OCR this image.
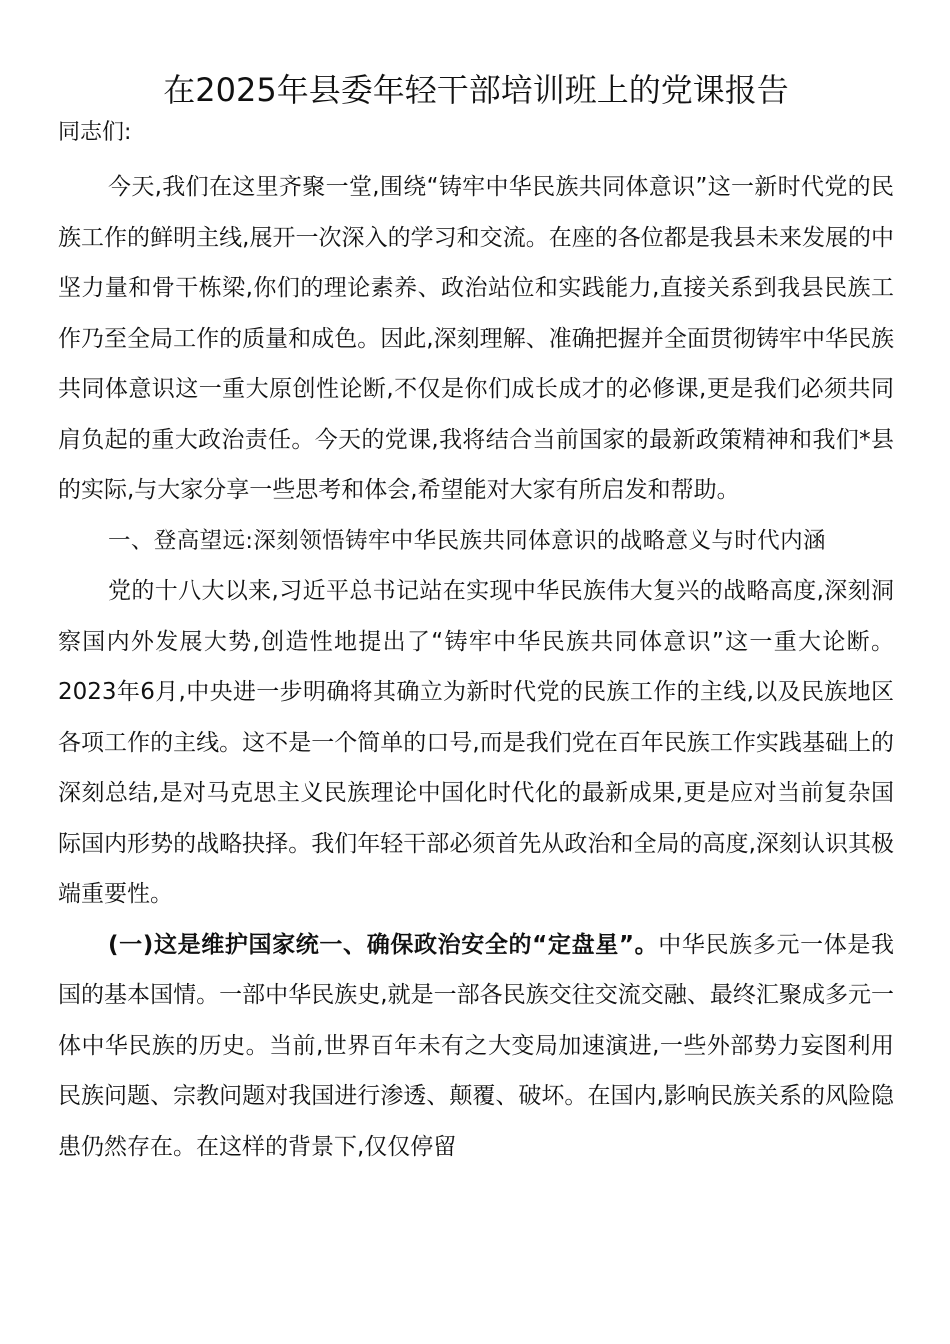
在2025年县委年轻干部培训班上的党课报告

同志们:

今天,我们在这里齐聚一堂,围绕“铸牢中华民族共同体意识”这一新时代党的民族工作的鲜明主线,展开一次深入的学习和交流。在座的各位都是我县未来发展的中坚力量和骨干栋梁,你们的理论素养、政治站位和实践能力,直接关系到我县民族工作乃至全局工作的质量和成色。因此,深刻理解、准确把握并全面贯彻铸牢中华民族共同体意识这一重大原创性论断,不仅是你们成长成才的必修课,更是我们必须共同肩负起的重大政治责任。今天的党课,我将结合当前国家的最新政策精神和我们*县的实际,与大家分享一些思考和体会,希望能对大家有所启发和帮助。

一、登高望远:深刻领悟铸牢中华民族共同体意识的战略意义与时代内涵

党的十八大以来,习近平总书记站在实现中华民族伟大复兴的战略高度,深刻洞察国内外发展大势,创造性地提出了“铸牢中华民族共同体意识”这一重大论断。2023年6月,中央进一步明确将其确立为新时代党的民族工作的主线,以及民族地区各项工作的主线。这不是一个简单的口号,而是我们党在百年民族工作实践基础上的深刻总结,是对马克思主义民族理论中国化时代化的最新成果,更是应对当前复杂国际国内形势的战略抉择。我们年轻干部必须首先从政治和全局的高度,深刻认识其极端重要性。

(一)这是维护国家统一、确保政治安全的“定盘星”。中华民族多元一体是我国的基本国情。一部中华民族史,就是一部各民族交往交流交融、最终汇聚成多元一体中华民族的历史。当前,世界百年未有之大变局加速演进,一些外部势力妄图利用民族问题、宗教问题对我国进行渗透、颠覆、破坏。在国内,影响民族关系的风险隐患仍然存在。在这样的背景下,仅仅停留
